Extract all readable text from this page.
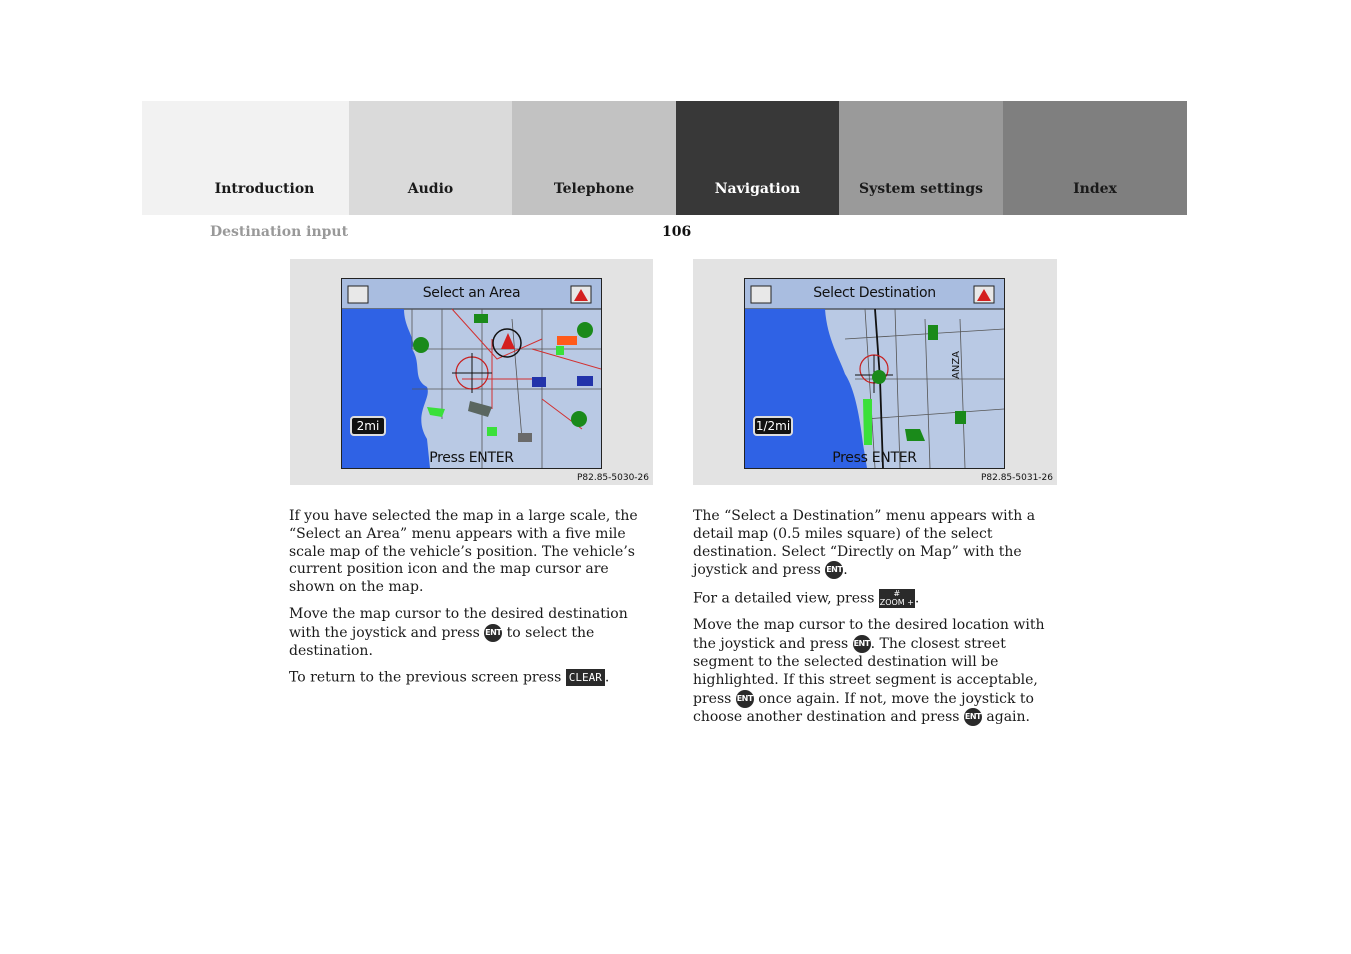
Introduction	Audio	Telephone	Navigation	System settings	Index
Destination input	106
Select an Area
2mi
Press ENTER
P82.85-5030-26
Select Destination
ANZA
1/2mi
Press ENTER
P82.85-5031-26

If you have selected the map in a large scale, the “Select an Area” menu appears with a five mile scale map of the vehicle’s position. The vehicle’s current position icon and the map cursor are shown on the map.

Move the map cursor to the desired destination with the joystick and press ENT to select the destination.

To return to the previous screen press CLEAR .

The “Select a Destination” menu appears with a detail map (0.5 miles square) of the select destination. Select “Directly on Map” with the joystick and press ENT.

For a detailed view, press	#
ZOOM + .

Move the map cursor to the desired location with the joystick and press ENT. The closest street segment to the selected destination will be highlighted. If this street segment is acceptable, press ENT once again. If not, move the joystick to choose another destination and press ENT again.
